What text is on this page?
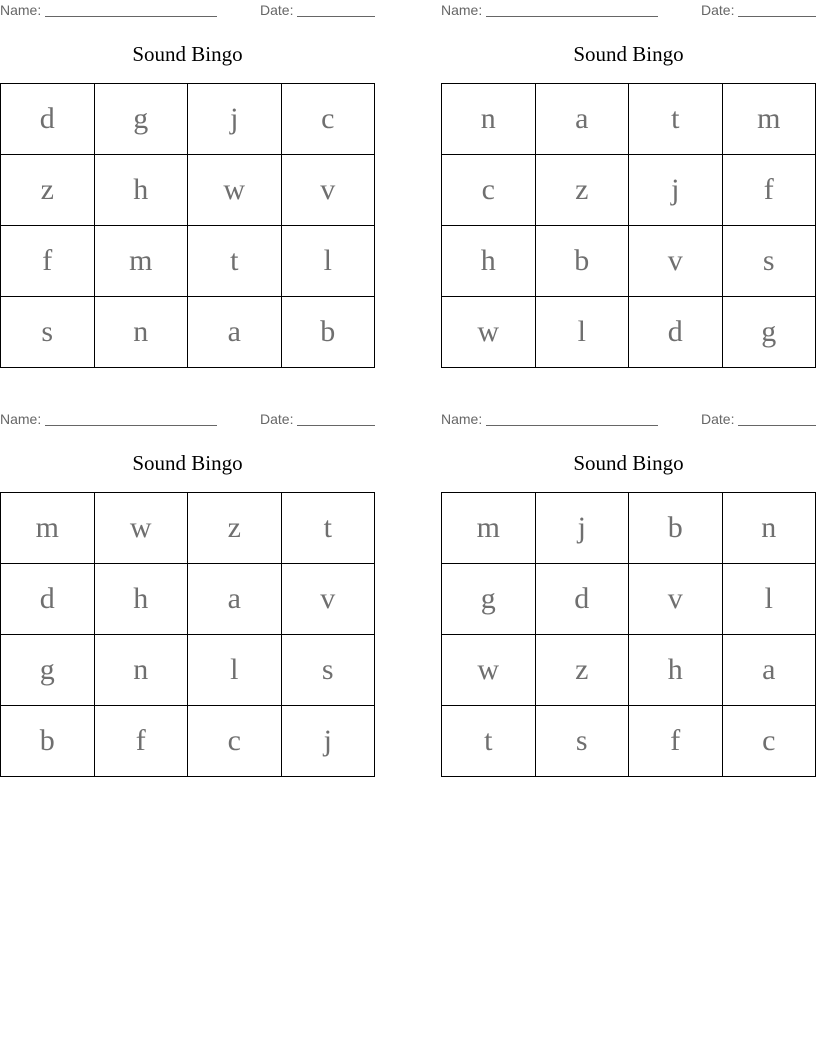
Name:	Date:
Sound Bingo
d	g	j	c
z	h	w	v
f	m	t	l
s	n	a	b
Name:	Date:
Sound Bingo
n	a	t	m
c	z	j	f
h	b	v	s
w	l	d	g
Name:	Date:
Sound Bingo
m	w	z	t
d	h	a	v
g	n	l	s
b	f	c	j
Name:	Date:
Sound Bingo
m	j	b	n
g	d	v	l
w	z	h	a
t	s	f	c
